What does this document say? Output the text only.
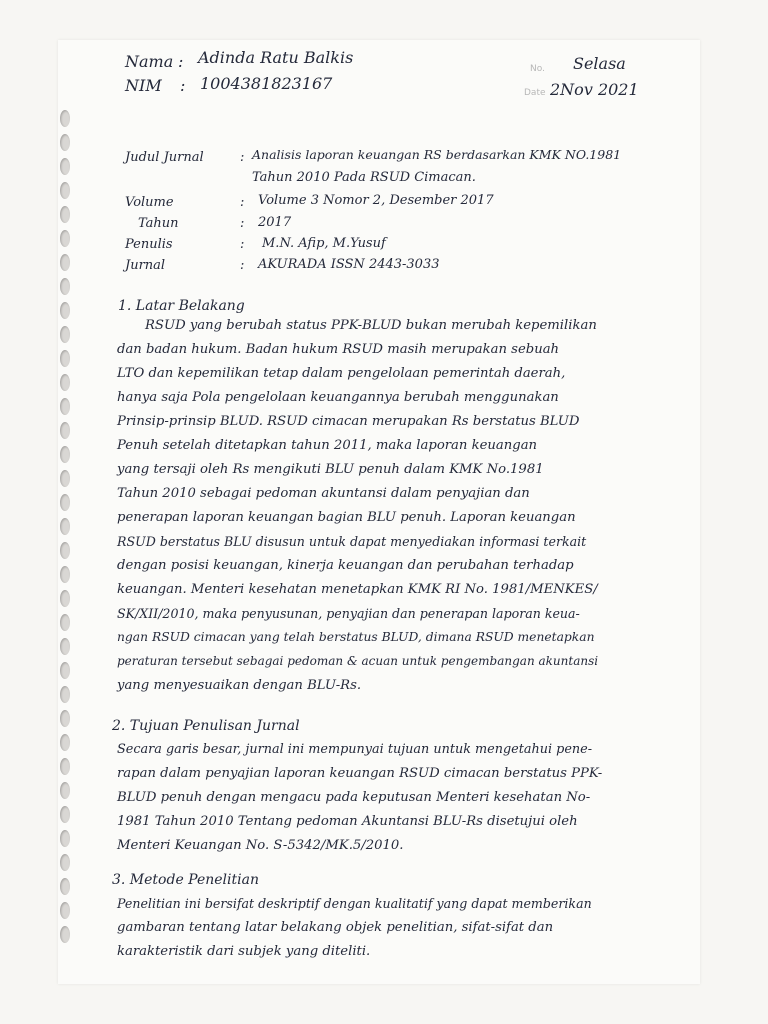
Nama : Adinda Ratu Balkis
NIM : 1004381823167
No. Selasa
Date 2Nov 2021
Judul Jurnal	: Analisis laporan keuangan RS berdasarkan KMK NO.1981
Tahun 2010 Pada RSUD Cimacan.
Volume	: Volume 3 Nomor 2, Desember 2017
Tahun	: 2017
Penulis	: M.N. Afip, M.Yusuf
Jurnal	: AKURADA ISSN 2443-3033
1. Latar Belakang
RSUD yang berubah status PPK-BLUD bukan merubah kepemilikan
dan badan hukum. Badan hukum RSUD masih merupakan sebuah
LTO dan kepemilikan tetap dalam pengelolaan pemerintah daerah,
hanya saja Pola pengelolaan keuangannya berubah menggunakan
Prinsip-prinsip BLUD. RSUD cimacan merupakan Rs berstatus BLUD
Penuh setelah ditetapkan tahun 2011, maka laporan keuangan
yang tersaji oleh Rs mengikuti BLU penuh dalam KMK No.1981
Tahun 2010 sebagai pedoman akuntansi dalam penyajian dan
penerapan laporan keuangan bagian BLU penuh. Laporan keuangan
RSUD berstatus BLU disusun untuk dapat menyediakan informasi terkait
dengan posisi keuangan, kinerja keuangan dan perubahan terhadap
keuangan. Menteri kesehatan menetapkan KMK RI No. 1981/MENKES/
SK/XII/2010, maka penyusunan, penyajian dan penerapan laporan keua-
ngan RSUD cimacan yang telah berstatus BLUD, dimana RSUD menetapkan
peraturan tersebut sebagai pedoman & acuan untuk pengembangan akuntansi
yang menyesuaikan dengan BLU-Rs.
2. Tujuan Penulisan Jurnal
Secara garis besar, jurnal ini mempunyai tujuan untuk mengetahui pene-
rapan dalam penyajian laporan keuangan RSUD cimacan berstatus PPK-
BLUD penuh dengan mengacu pada keputusan Menteri kesehatan No-
1981 Tahun 2010 Tentang pedoman Akuntansi BLU-Rs disetujui oleh
Menteri Keuangan No. S-5342/MK.5/2010.
3. Metode Penelitian
Penelitian ini bersifat deskriptif dengan kualitatif yang dapat memberikan
gambaran tentang latar belakang objek penelitian, sifat-sifat dan
karakteristik dari subjek yang diteliti.
